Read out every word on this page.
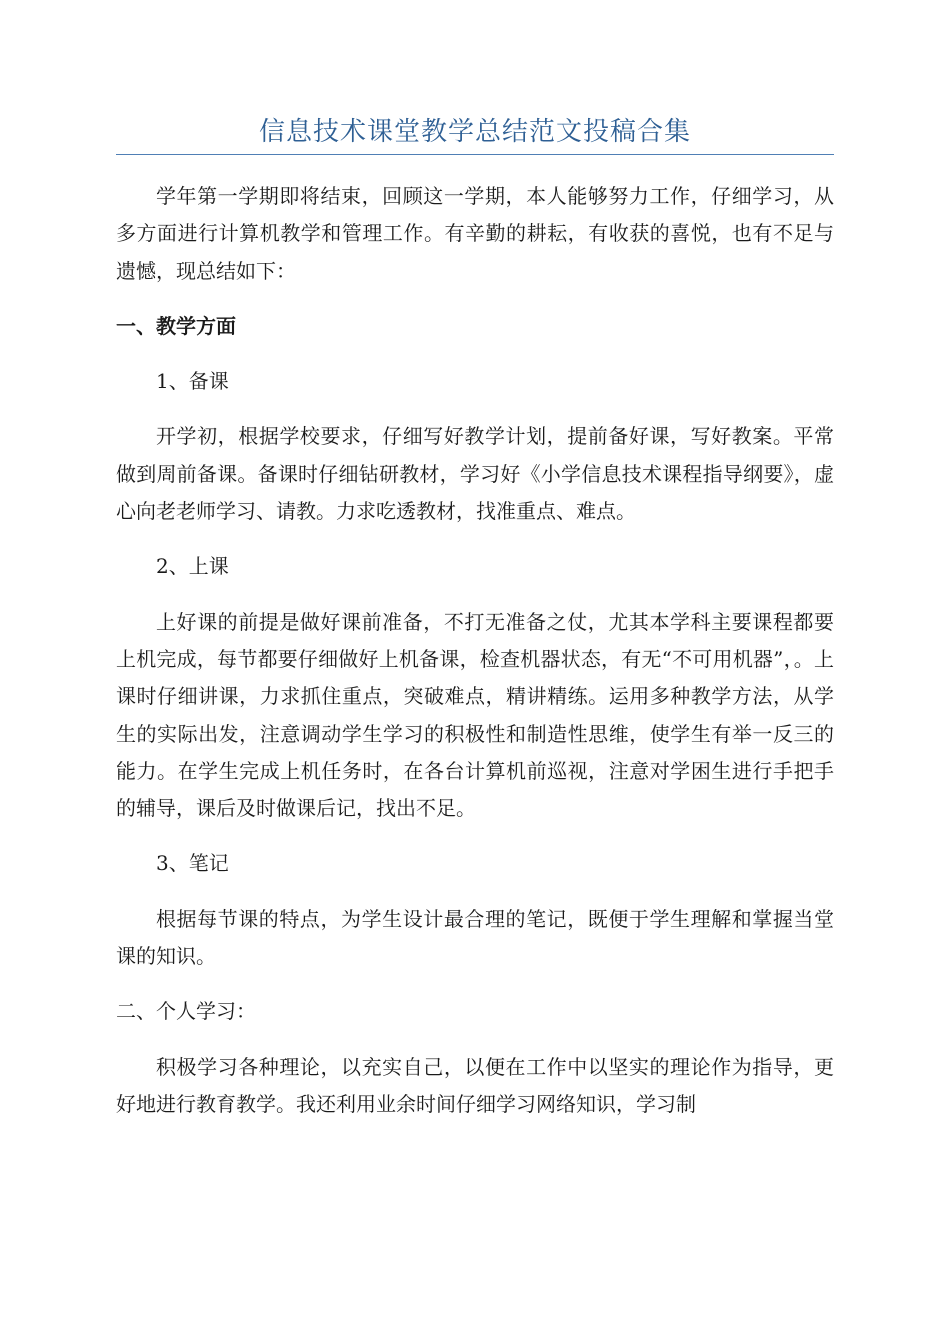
信息技术课堂教学总结范文投稿合集

学年第一学期即将结束，回顾这一学期，本人能够努力工作，仔细学习，从多方面进行计算机教学和管理工作。有辛勤的耕耘，有收获的喜悦，也有不足与遗憾，现总结如下：

一、教学方面

1、备课

开学初，根据学校要求，仔细写好教学计划，提前备好课，写好教案。平常做到周前备课。备课时仔细钻研教材，学习好《小学信息技术课程指导纲要》，虚心向老老师学习、请教。力求吃透教材，找准重点、难点。

2、上课

上好课的前提是做好课前准备，不打无准备之仗，尤其本学科主要课程都要上机完成，每节都要仔细做好上机备课，检查机器状态，有无“不可用机器”，。上课时仔细讲课，力求抓住重点，突破难点，精讲精练。运用多种教学方法，从学生的实际出发，注意调动学生学习的积极性和制造性思维，使学生有举一反三的能力。在学生完成上机任务时，在各台计算机前巡视，注意对学困生进行手把手的辅导，课后及时做课后记，找出不足。

3、笔记

根据每节课的特点，为学生设计最合理的笔记，既便于学生理解和掌握当堂课的知识。

二、个人学习：

积极学习各种理论，以充实自己，以便在工作中以坚实的理论作为指导，更好地进行教育教学。我还利用业余时间仔细学习网络知识，学习制
